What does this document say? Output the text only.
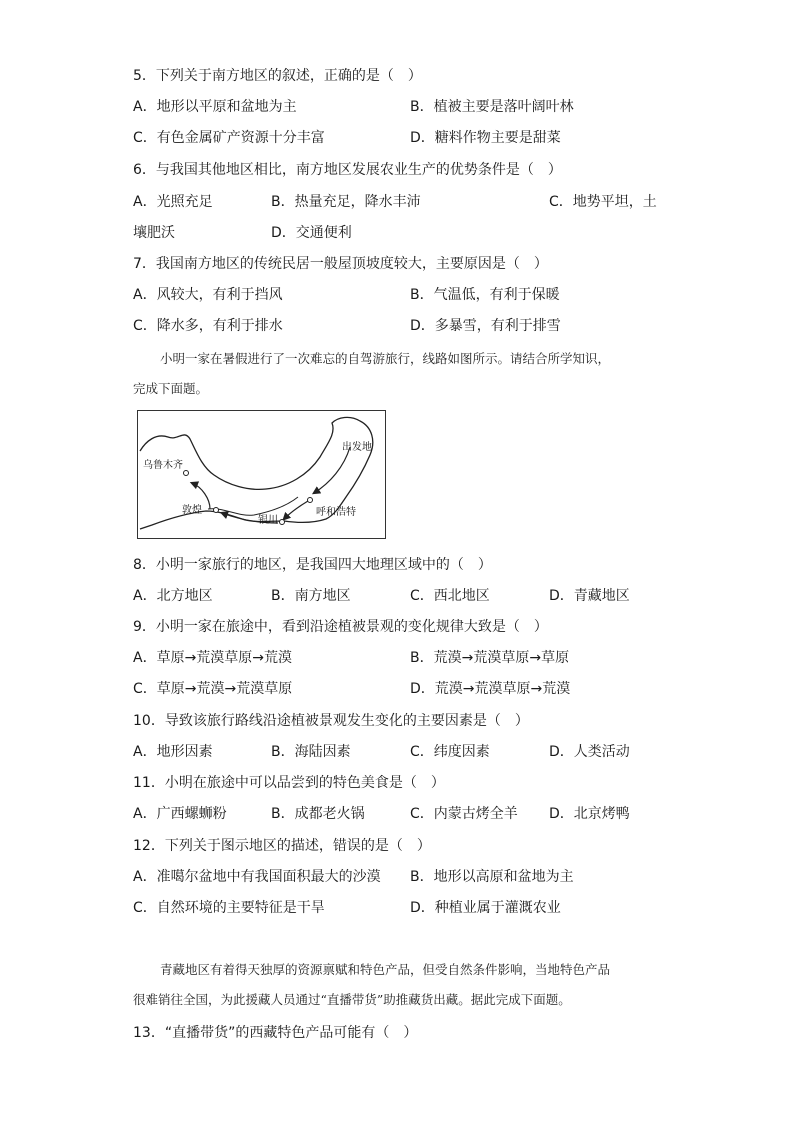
5．下列关于南方地区的叙述，正确的是（　）
A．地形以平原和盆地为主	B．植被主要是落叶阔叶林
C．有色金属矿产资源十分丰富	D．糖料作物主要是甜菜
6．与我国其他地区相比，南方地区发展农业生产的优势条件是（　）
A．光照充足	B．热量充足，降水丰沛	C．地势平坦，土
壤肥沃	D．交通便利
7．我国南方地区的传统民居一般屋顶坡度较大，主要原因是（　）
A．风较大，有利于挡风	B．气温低，有利于保暖
C．降水多，有利于排水	D．多暴雪，有利于排雪
小明一家在暑假进行了一次难忘的自驾游旅行，线路如图所示。请结合所学知识，
完成下面题。
乌鲁木齐
出发地
敦煌
银川
呼和浩特
8．小明一家旅行的地区，是我国四大地理区域中的（　）
A．北方地区	B．南方地区	C．西北地区	D．青藏地区
9．小明一家在旅途中，看到沿途植被景观的变化规律大致是（　）
A．草原→荒漠草原→荒漠	B．荒漠→荒漠草原→草原
C．草原→荒漠→荒漠草原	D．荒漠→荒漠草原→荒漠
10．导致该旅行路线沿途植被景观发生变化的主要因素是（　）
A．地形因素	B．海陆因素	C．纬度因素	D．人类活动
11．小明在旅途中可以品尝到的特色美食是（　）
A．广西螺蛳粉	B．成都老火锅	C．内蒙古烤全羊 D．北京烤鸭
12．下列关于图示地区的描述，错误的是（　）
A．准噶尔盆地中有我国面积最大的沙漠 B．地形以高原和盆地为主
C．自然环境的主要特征是干旱	D．种植业属于灌溉农业
青藏地区有着得天独厚的资源禀赋和特色产品，但受自然条件影响，当地特色产品
很难销往全国，为此援藏人员通过“直播带货”助推藏货出藏。据此完成下面题。
13．“直播带货”的西藏特色产品可能有（　）
